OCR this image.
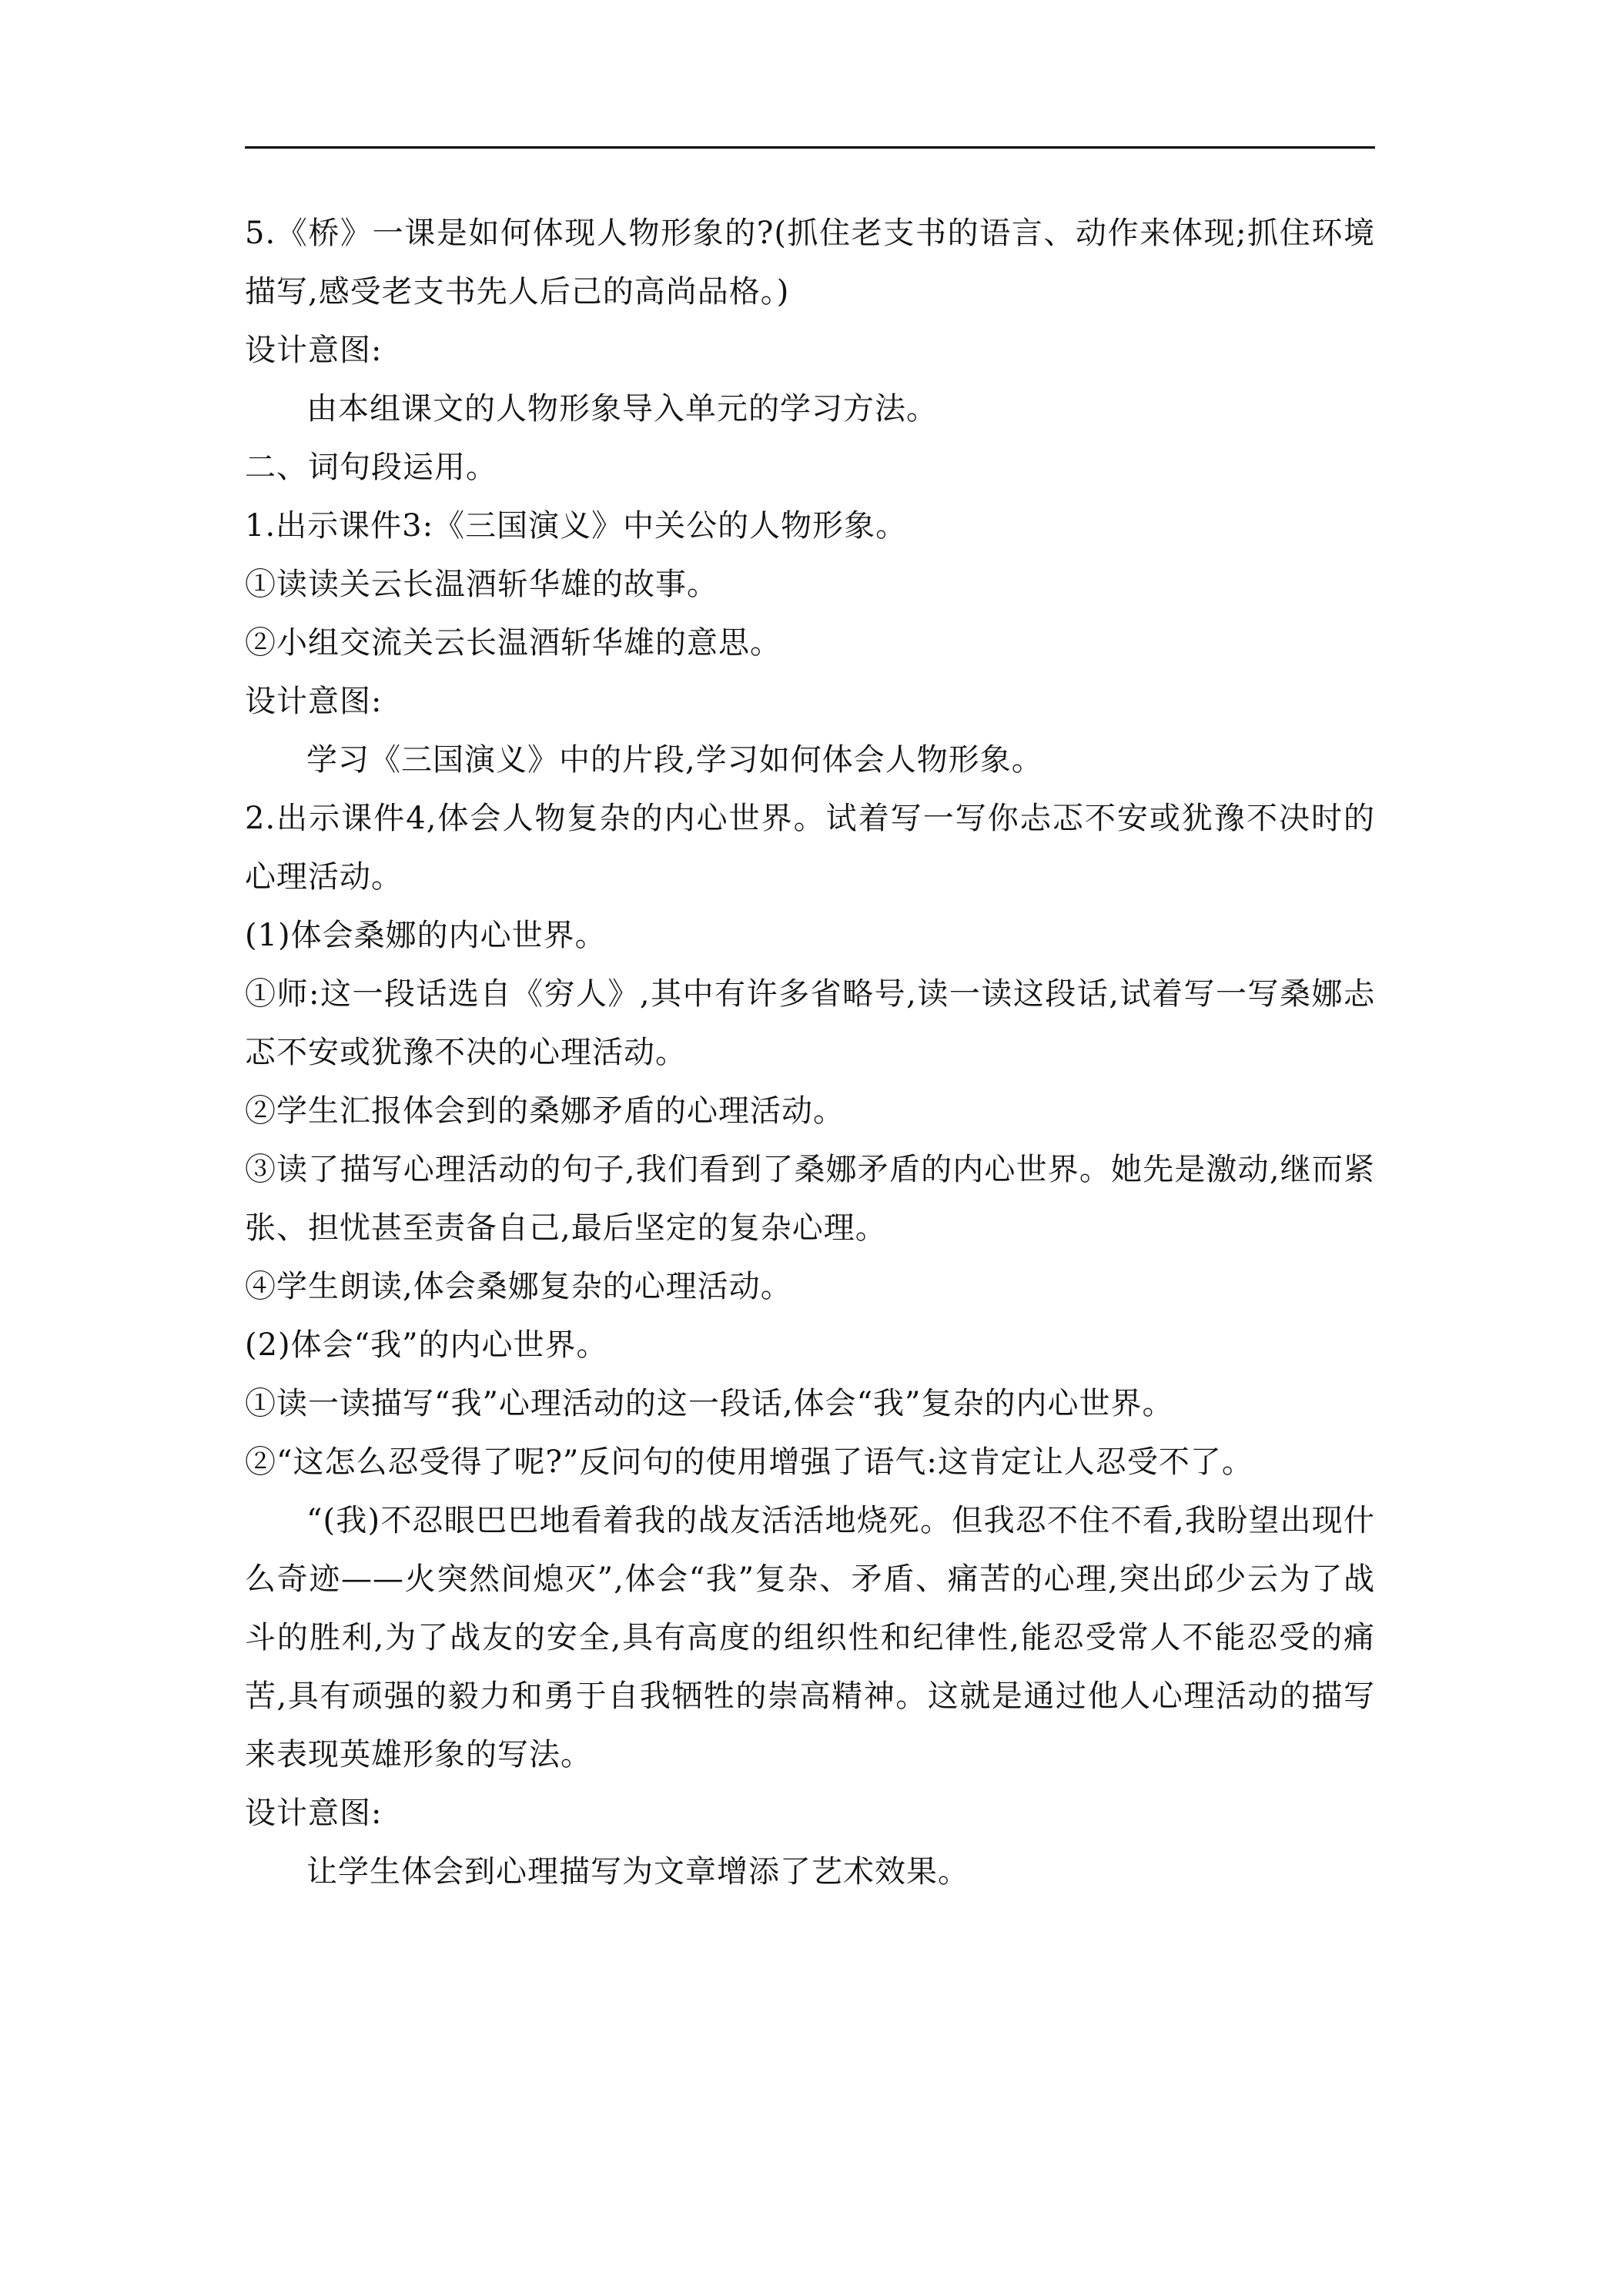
5.《桥》一课是如何体现人物形象的?(抓住老支书的语言、动作来体现;抓住环境描写,感受老支书先人后己的高尚品格。)

设计意图:

由本组课文的人物形象导入单元的学习方法。

二、词句段运用。

1.出示课件3:《三国演义》中关公的人物形象。

①读读关云长温酒斩华雄的故事。

②小组交流关云长温酒斩华雄的意思。

设计意图:

学习《三国演义》中的片段,学习如何体会人物形象。

2.出示课件4,体会人物复杂的内心世界。试着写一写你忐忑不安或犹豫不决时的心理活动。

(1)体会桑娜的内心世界。

①师:这一段话选自《穷人》,其中有许多省略号,读一读这段话,试着写一写桑娜忐忑不安或犹豫不决的心理活动。

②学生汇报体会到的桑娜矛盾的心理活动。

③读了描写心理活动的句子,我们看到了桑娜矛盾的内心世界。她先是激动,继而紧张、担忧甚至责备自己,最后坚定的复杂心理。

④学生朗读,体会桑娜复杂的心理活动。

(2)体会“我”的内心世界。

①读一读描写“我”心理活动的这一段话,体会“我”复杂的内心世界。

②“这怎么忍受得了呢?”反问句的使用增强了语气:这肯定让人忍受不了。

“(我)不忍眼巴巴地看着我的战友活活地烧死。但我忍不住不看,我盼望出现什么奇迹——火突然间熄灭”,体会“我”复杂、矛盾、痛苦的心理,突出邱少云为了战斗的胜利,为了战友的安全,具有高度的组织性和纪律性,能忍受常人不能忍受的痛苦,具有顽强的毅力和勇于自我牺牲的崇高精神。这就是通过他人心理活动的描写来表现英雄形象的写法。

设计意图:

让学生体会到心理描写为文章增添了艺术效果。
